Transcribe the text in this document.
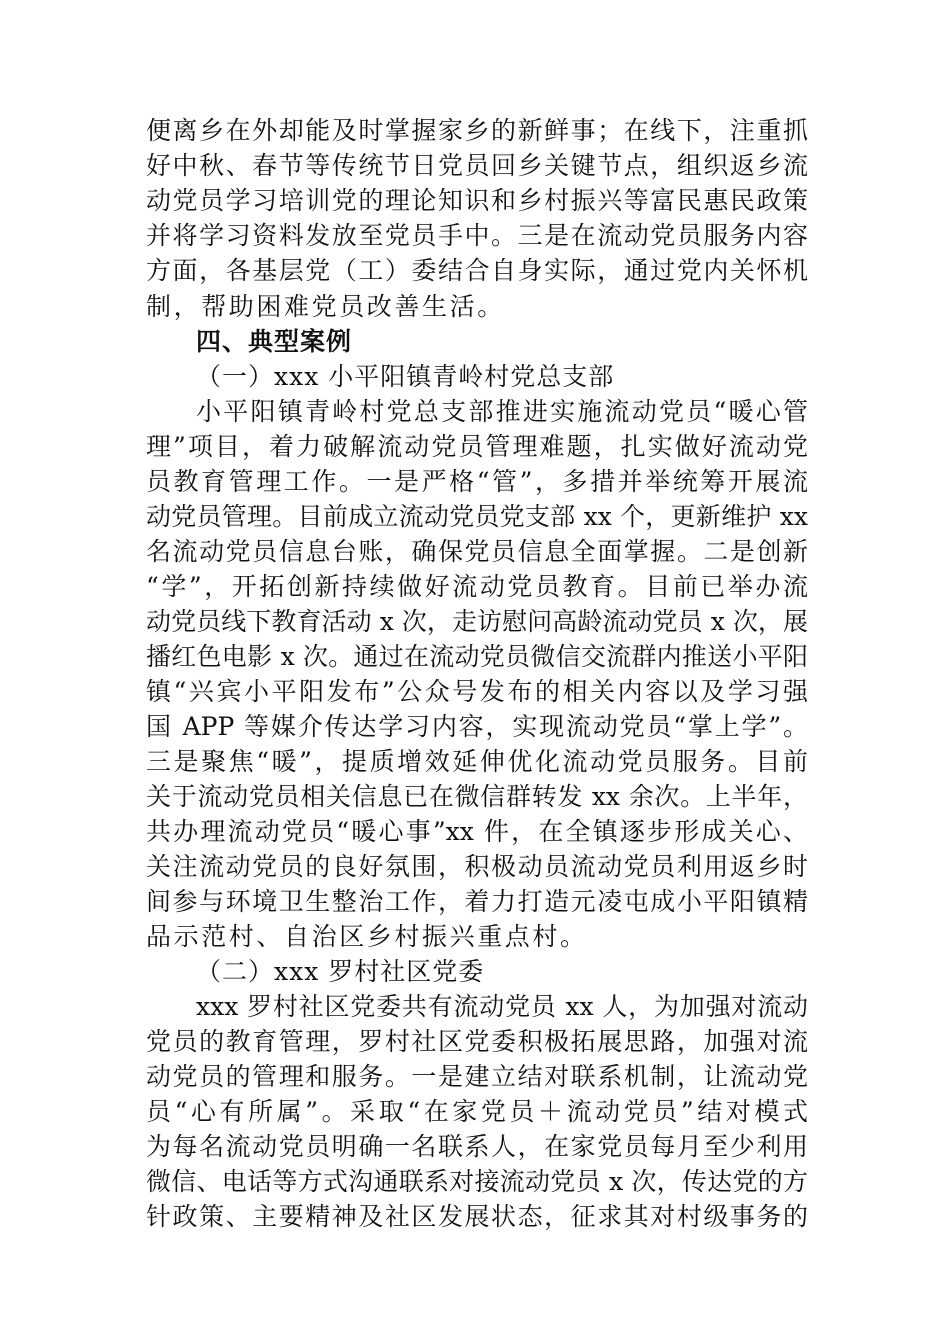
便离乡在外却能及时掌握家乡的新鲜事；在线下，注重抓
好中秋、春节等传统节日党员回乡关键节点，组织返乡流
动党员学习培训党的理论知识和乡村振兴等富民惠民政策
并将学习资料发放至党员手中。三是在流动党员服务内容
方面，各基层党（工）委结合自身实际，通过党内关怀机
制，帮助困难党员改善生活。
四、典型案例
（一）xxx 小平阳镇青岭村党总支部
小平阳镇青岭村党总支部推进实施流动党员“暖心管
理”项目，着力破解流动党员管理难题，扎实做好流动党
员教育管理工作。一是严格“管”，多措并举统筹开展流
动党员管理。目前成立流动党员党支部 xx 个，更新维护 xx
名流动党员信息台账，确保党员信息全面掌握。二是创新
“学”，开拓创新持续做好流动党员教育。目前已举办流
动党员线下教育活动 x 次，走访慰问高龄流动党员 x 次，展
播红色电影 x 次。通过在流动党员微信交流群内推送小平阳
镇“兴宾小平阳发布”公众号发布的相关内容以及学习强
国 APP 等媒介传达学习内容，实现流动党员“掌上学”。
三是聚焦“暖”，提质增效延伸优化流动党员服务。目前
关于流动党员相关信息已在微信群转发 xx 余次。上半年，
共办理流动党员“暖心事”xx 件，在全镇逐步形成关心、
关注流动党员的良好氛围，积极动员流动党员利用返乡时
间参与环境卫生整治工作，着力打造元凌屯成小平阳镇精
品示范村、自治区乡村振兴重点村。
（二）xxx 罗村社区党委
xxx 罗村社区党委共有流动党员 xx 人，为加强对流动
党员的教育管理，罗村社区党委积极拓展思路，加强对流
动党员的管理和服务。一是建立结对联系机制，让流动党
员“心有所属”。采取“在家党员＋流动党员”结对模式
为每名流动党员明确一名联系人，在家党员每月至少利用
微信、电话等方式沟通联系对接流动党员 x 次，传达党的方
针政策、主要精神及社区发展状态，征求其对村级事务的
